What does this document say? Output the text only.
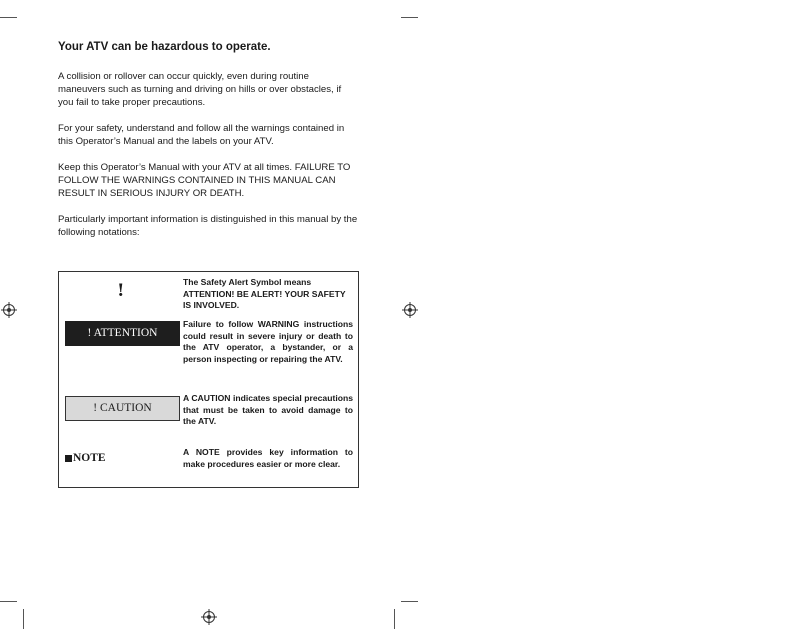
Your ATV can be hazardous to operate.

A collision or rollover can occur quickly, even during routine maneuvers such as turning and driving on hills or over obstacles, if you fail to take proper precautions.

For your safety, understand and follow all the warnings contained in this Operator’s Manual and the labels on your ATV.

Keep this Operator’s Manual with your ATV at all times. FAILURE TO FOLLOW THE WARNINGS CONTAINED IN THIS MANUAL CAN RESULT IN SERIOUS INJURY OR DEATH.

Particularly important information is distinguished in this manual by the following notations:

!
! ATTENTION
! CAUTION
NOTE
The Safety Alert Symbol means ATTENTION! BE ALERT! YOUR SAFETY IS INVOLVED.
Failure to follow WARNING instructions could result in severe injury or death to the ATV operator, a bystander, or a person inspecting or repairing the ATV.
A CAUTION indicates special precautions that must be taken to avoid damage to the ATV.
A NOTE provides key information to make procedures easier or more clear.
